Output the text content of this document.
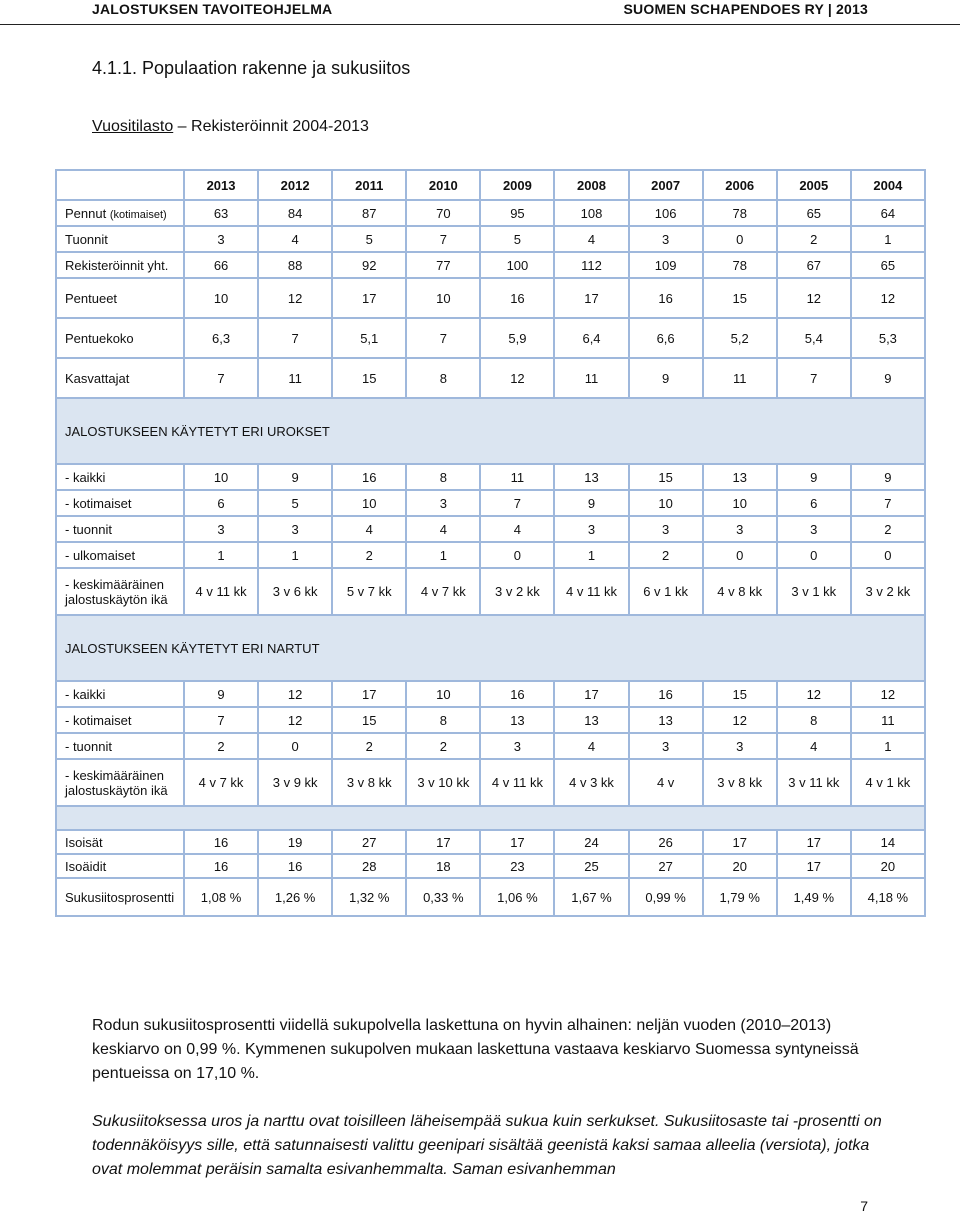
JALOSTUKSEN TAVOITEOHJELMA	SUOMEN SCHAPENDOES RY | 2013
4.1.1. Populaation rakenne ja sukusiitos
Vuositilasto – Rekisteröinnit 2004-2013
	2013	2012	2011	2010	2009	2008	2007	2006	2005	2004
Pennut (kotimaiset)	63	84	87	70	95	108	106	78	65	64
Tuonnit	3	4	5	7	5	4	3	0	2	1
Rekisteröinnit yht.	66	88	92	77	100	112	109	78	67	65
Pentueet	10	12	17	10	16	17	16	15	12	12
Pentuekoko	6,3	7	5,1	7	5,9	6,4	6,6	5,2	5,4	5,3
Kasvattajat	7	11	15	8	12	11	9	11	7	9
JALOSTUKSEEN KÄYTETYT ERI UROKSET										
- kaikki	10	9	16	8	11	13	15	13	9	9
- kotimaiset	6	5	10	3	7	9	10	10	6	7
- tuonnit	3	3	4	4	4	3	3	3	3	2
- ulkomaiset	1	1	2	1	0	1	2	0	0	0
- keskimääräinen jalostuskäytön ikä	4 v 11 kk	3 v 6 kk	5 v 7 kk	4 v 7 kk	3 v 2 kk	4 v 11 kk	6 v 1 kk	4 v 8 kk	3 v 1 kk	3 v 2 kk
JALOSTUKSEEN KÄYTETYT ERI NARTUT										
- kaikki	9	12	17	10	16	17	16	15	12	12
- kotimaiset	7	12	15	8	13	13	13	12	8	11
- tuonnit	2	0	2	2	3	4	3	3	4	1
- keskimääräinen jalostuskäytön ikä	4 v 7 kk	3 v 9 kk	3 v 8 kk	3 v 10 kk	4 v 11 kk	4 v 3 kk	4 v	3 v 8 kk	3 v 11 kk	4 v 1 kk

Isoisät	16	19	27	17	17	24	26	17	17	14
Isoäidit	16	16	28	18	23	25	27	20	17	20
Sukusiitosprosentti	1,08 %	1,26 %	1,32 %	0,33 %	1,06 %	1,67 %	0,99 %	1,79 %	1,49 %	4,18 %
Rodun sukusiitosprosentti viidellä sukupolvella laskettuna on hyvin alhainen: neljän vuoden (2010–2013) keskiarvo on 0,99 %. Kymmenen sukupolven mukaan laskettuna vastaava keskiarvo Suomessa syntyneissä pentueissa on 17,10 %.
Sukusiitoksessa uros ja narttu ovat toisilleen läheisempää sukua kuin serkukset. Sukusiitosaste tai -prosentti on todennäköisyys sille, että satunnaisesti valittu geenipari sisältää geenistä kaksi samaa alleelia (versiota), jotka ovat molemmat peräisin samalta esivanhemmalta. Saman esivanhemman
7
